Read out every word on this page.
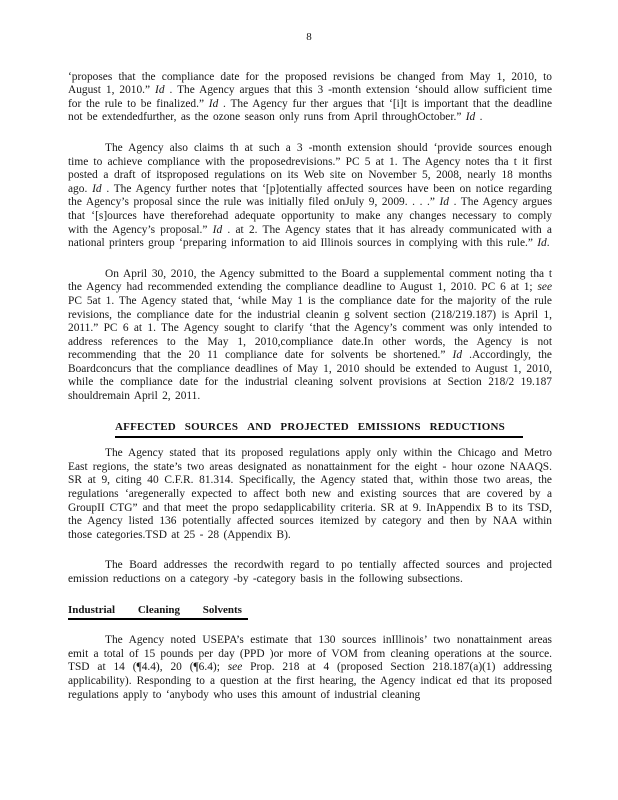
8

‘proposes that the compliance date for the proposed revisions be changed from May 1, 2010, to August 1, 2010.” Id . The Agency argues that this 3 -month extension ‘should allow sufficient time for the rule to be finalized.” Id . The Agency fur ther argues that ‘[i]t is important that the deadline not be extendedfurther, as the ozone season only runs from April throughOctober.” Id .

The Agency also claims th at such a 3 -month extension should ‘provide sources enough time to achieve compliance with the proposedrevisions.” PC 5 at 1. The Agency notes tha t it first posted a draft of itsproposed regulations on its Web site on November 5, 2008, nearly 18 months ago. Id . The Agency further notes that ‘[p]otentially affected sources have been on notice regarding the Agency’s proposal since the rule was initially filed onJuly 9, 2009. . . .” Id . The Agency argues that ‘[s]ources have thereforehad adequate opportunity to make any changes necessary to comply with the Agency’s proposal.” Id . at 2. The Agency states that it has already communicated with a national printers group ‘preparing information to aid Illinois sources in complying with this rule.” Id.

On April 30, 2010, the Agency submitted to the Board a supplemental comment noting tha t the Agency had recommended extending the compliance deadline to August 1, 2010. PC 6 at 1; see PC 5at 1. The Agency stated that, ‘while May 1 is the compliance date for the majority of the rule revisions, the compliance date for the industrial cleanin g solvent section (218/219.187) is April 1, 2011.” PC 6 at 1. The Agency sought to clarify ‘that the Agency’s comment was only intended to address references to the May 1, 2010,compliance date.In other words, the Agency is not recommending that the 20 11 compliance date for solvents be shortened.” Id .Accordingly, the Boardconcurs that the compliance deadlines of May 1, 2010 should be extended to August 1, 2010, while the compliance date for the industrial cleaning solvent provisions at Section 218/2 19.187 shouldremain April 2, 2011.

AFFECTED SOURCES AND PROJECTED EMISSIONS REDUCTIONS

The Agency stated that its proposed regulations apply only within the Chicago and Metro East regions, the state’s two areas designated as nonattainment for the eight - hour ozone NAAQS. SR at 9, citing 40 C.F.R. 81.314. Specifically, the Agency stated that, within those two areas, the regulations ‘aregenerally expected to affect both new and existing sources that are covered by a GroupII CTG” and that meet the propo sedapplicability criteria. SR at 9. InAppendix B to its TSD, the Agency listed 136 potentially affected sources itemized by category and then by NAA within those categories.TSD at 25 - 28 (Appendix B).

The Board addresses the recordwith regard to po tentially affected sources and projected emission reductions on a category -by -category basis in the following subsections.

Industrial Cleaning Solvents

The Agency noted USEPA’s estimate that 130 sources inIllinois’ two nonattainment areas emit a total of 15 pounds per day (PPD )or more of VOM from cleaning operations at the source. TSD at 14 (¶4.4), 20 (¶6.4); see Prop. 218 at 4 (proposed Section 218.187(a)(1) addressing applicability). Responding to a question at the first hearing, the Agency indicat ed that its proposed regulations apply to ‘anybody who uses this amount of industrial cleaning
